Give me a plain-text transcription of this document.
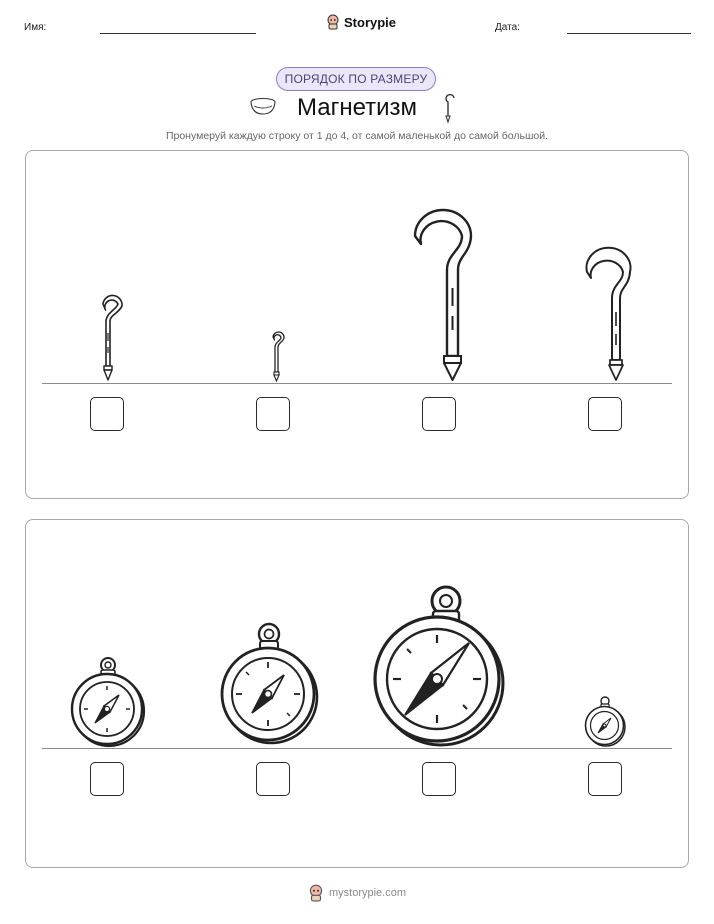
Имя:	Storypie	Дата:
ПОРЯДОК ПО РАЗМЕРУ
Магнетизм
Пронумеруй каждую строку от 1 до 4, от самой маленькой до самой большой.
mystorypie.com
